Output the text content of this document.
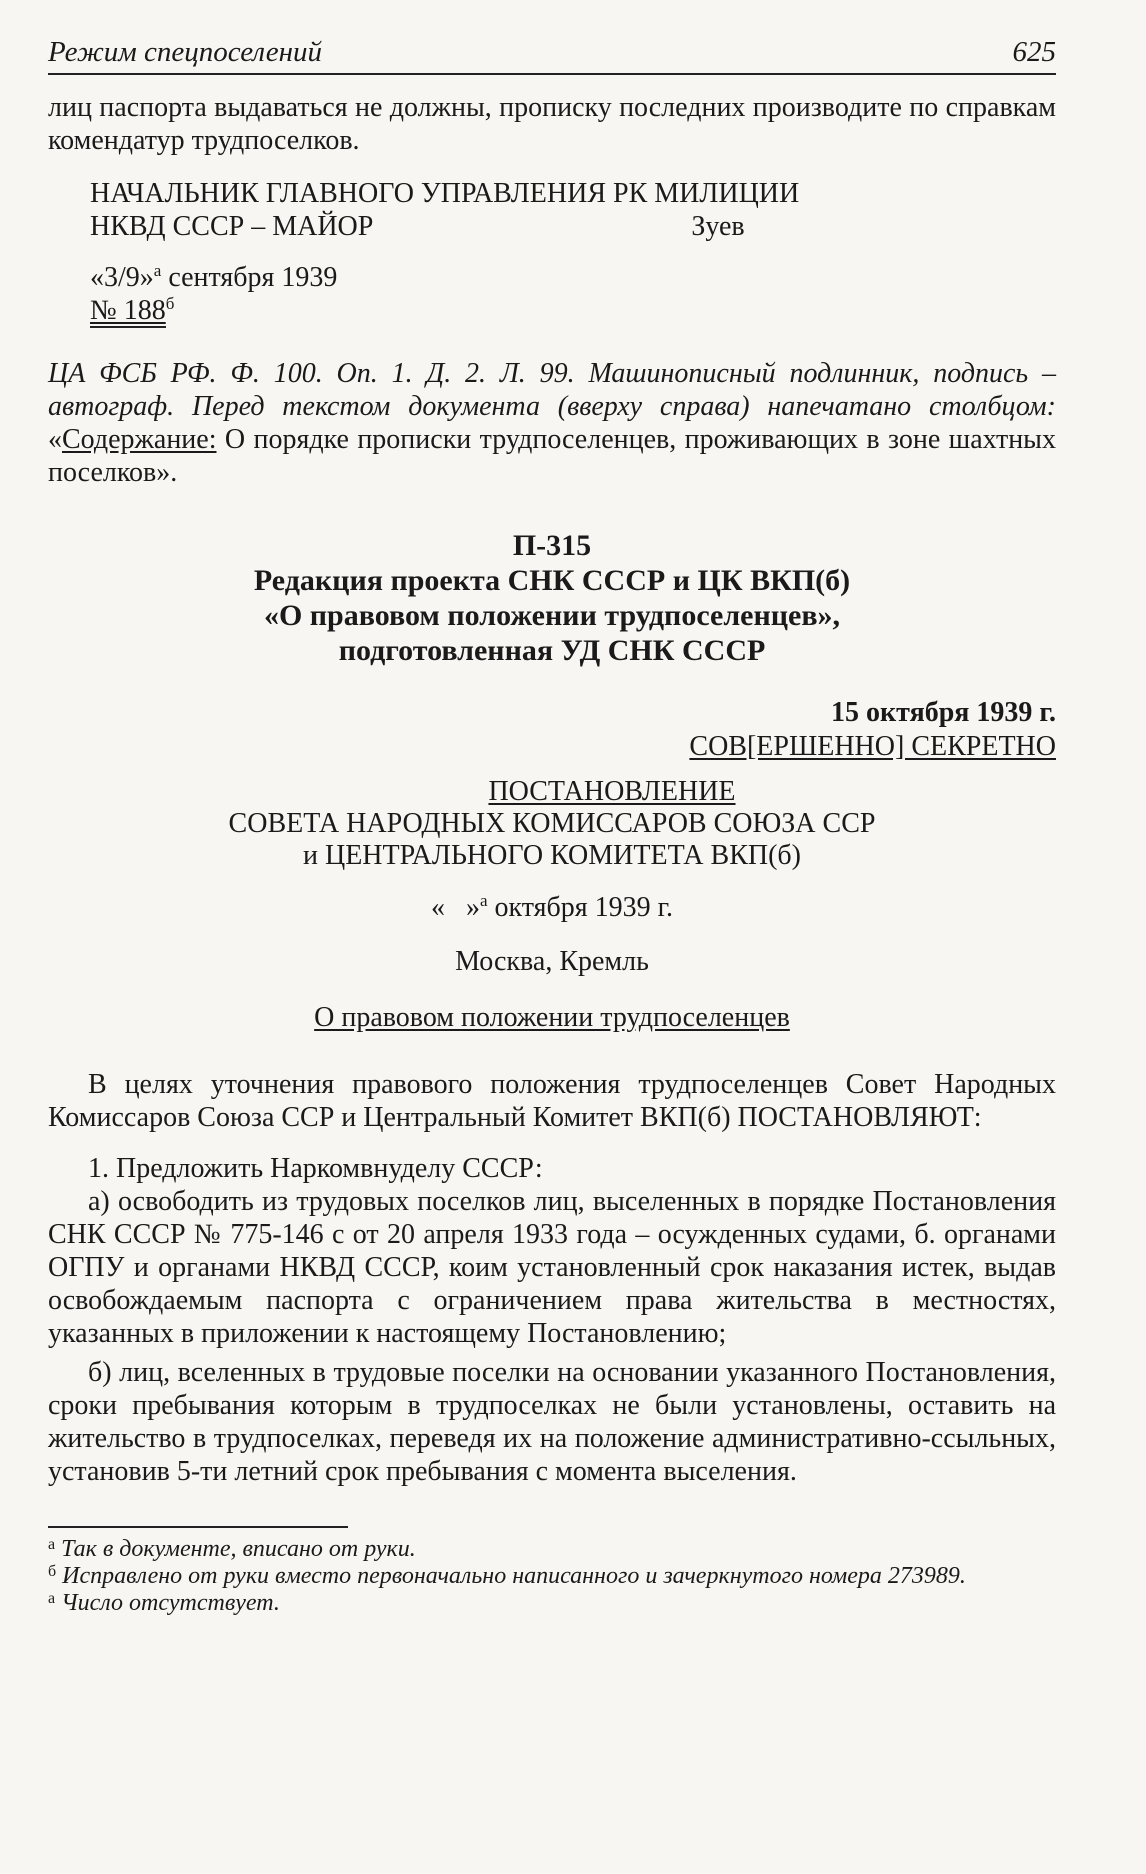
Режим спецпоселений	625

лиц паспорта выдаваться не должны, прописку последних производите по справкам комендатур трудпоселков.

НАЧАЛЬНИК ГЛАВНОГО УПРАВЛЕНИЯ РК МИЛИЦИИ
НКВД СССР – МАЙОР	Зуев
«3/9»$^а$ сентября 1939
№ $188^б$

ЦА ФСБ РФ. Ф. 100. Оп. 1. Д. 2. Л. 99. Машинописный подлинник, подпись – автограф. Перед текстом документа (вверху справа) напечатано столбцом: «Содержание: О порядке прописки трудпоселенцев, проживающих в зоне шахтных поселков».

П-315
Редакция проекта СНК СССР и ЦК ВКП(б)
«О правовом положении трудпоселенцев»,
подготовленная УД СНК СССР
15 октября 1939 г.
СОВ[ЕРШЕННО] СЕКРЕТНО
ПОСТАНОВЛЕНИЕ
СОВЕТА НАРОДНЫХ КОМИССАРОВ СОЮЗА ССР
и ЦЕНТРАЛЬНОГО КОМИТЕТА ВКП(б)
«   »$^а$ октября 1939 г.
Москва, Кремль
О правовом положении трудпоселенцев

В целях уточнения правового положения трудпоселенцев Совет Народных Комиссаров Союза ССР и Центральный Комитет ВКП(б) ПОСТАНОВЛЯЮТ:

1. Предложить Наркомвнуделу СССР:

а) освободить из трудовых поселков лиц, выселенных в порядке Постановления СНК СССР № 775-146 с от 20 апреля 1933 года – осужденных судами, б. органами ОГПУ и органами НКВД СССР, коим установленный срок наказания истек, выдав освобождаемым паспорта с ограничением права жительства в местностях, указанных в приложении к настоящему Постановлению;

б) лиц, вселенных в трудовые поселки на основании указанного Постановления, сроки пребывания которым в трудпоселках не были установлены, оставить на жительство в трудпоселках, переведя их на положение административно-ссыльных, установив 5-ти летний срок пребывания с момента выселения.

$^а$ Так в документе, вписано от руки.

$^б$ Исправлено от руки вместо первоначально написанного и зачеркнутого номера 273989.

$^а$ Число отсутствует.
